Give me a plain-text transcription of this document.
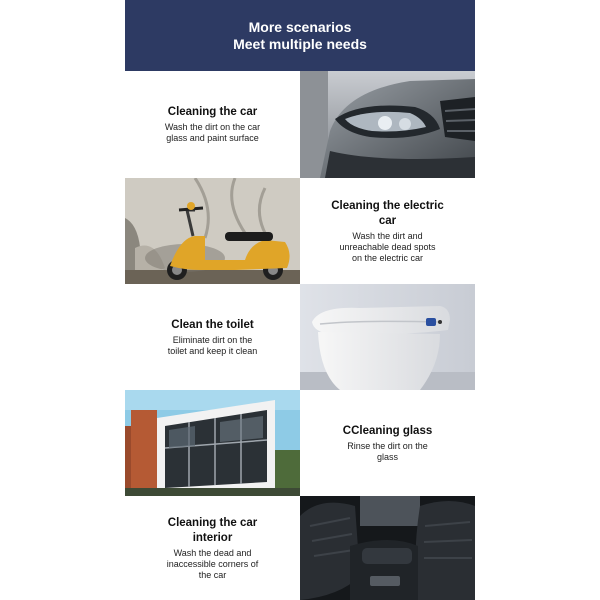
More scenarios
Meet multiple needs
Cleaning the car
Wash the dirt on the car glass and paint surface
Cleaning the electric car
Wash the dirt and unreachable dead spots on the electric car
Clean the toilet
Eliminate dirt on the toilet and keep it clean
CCleaning glass
Rinse the dirt on the glass
Cleaning the car interior
Wash the dead and inaccessible corners of the car
